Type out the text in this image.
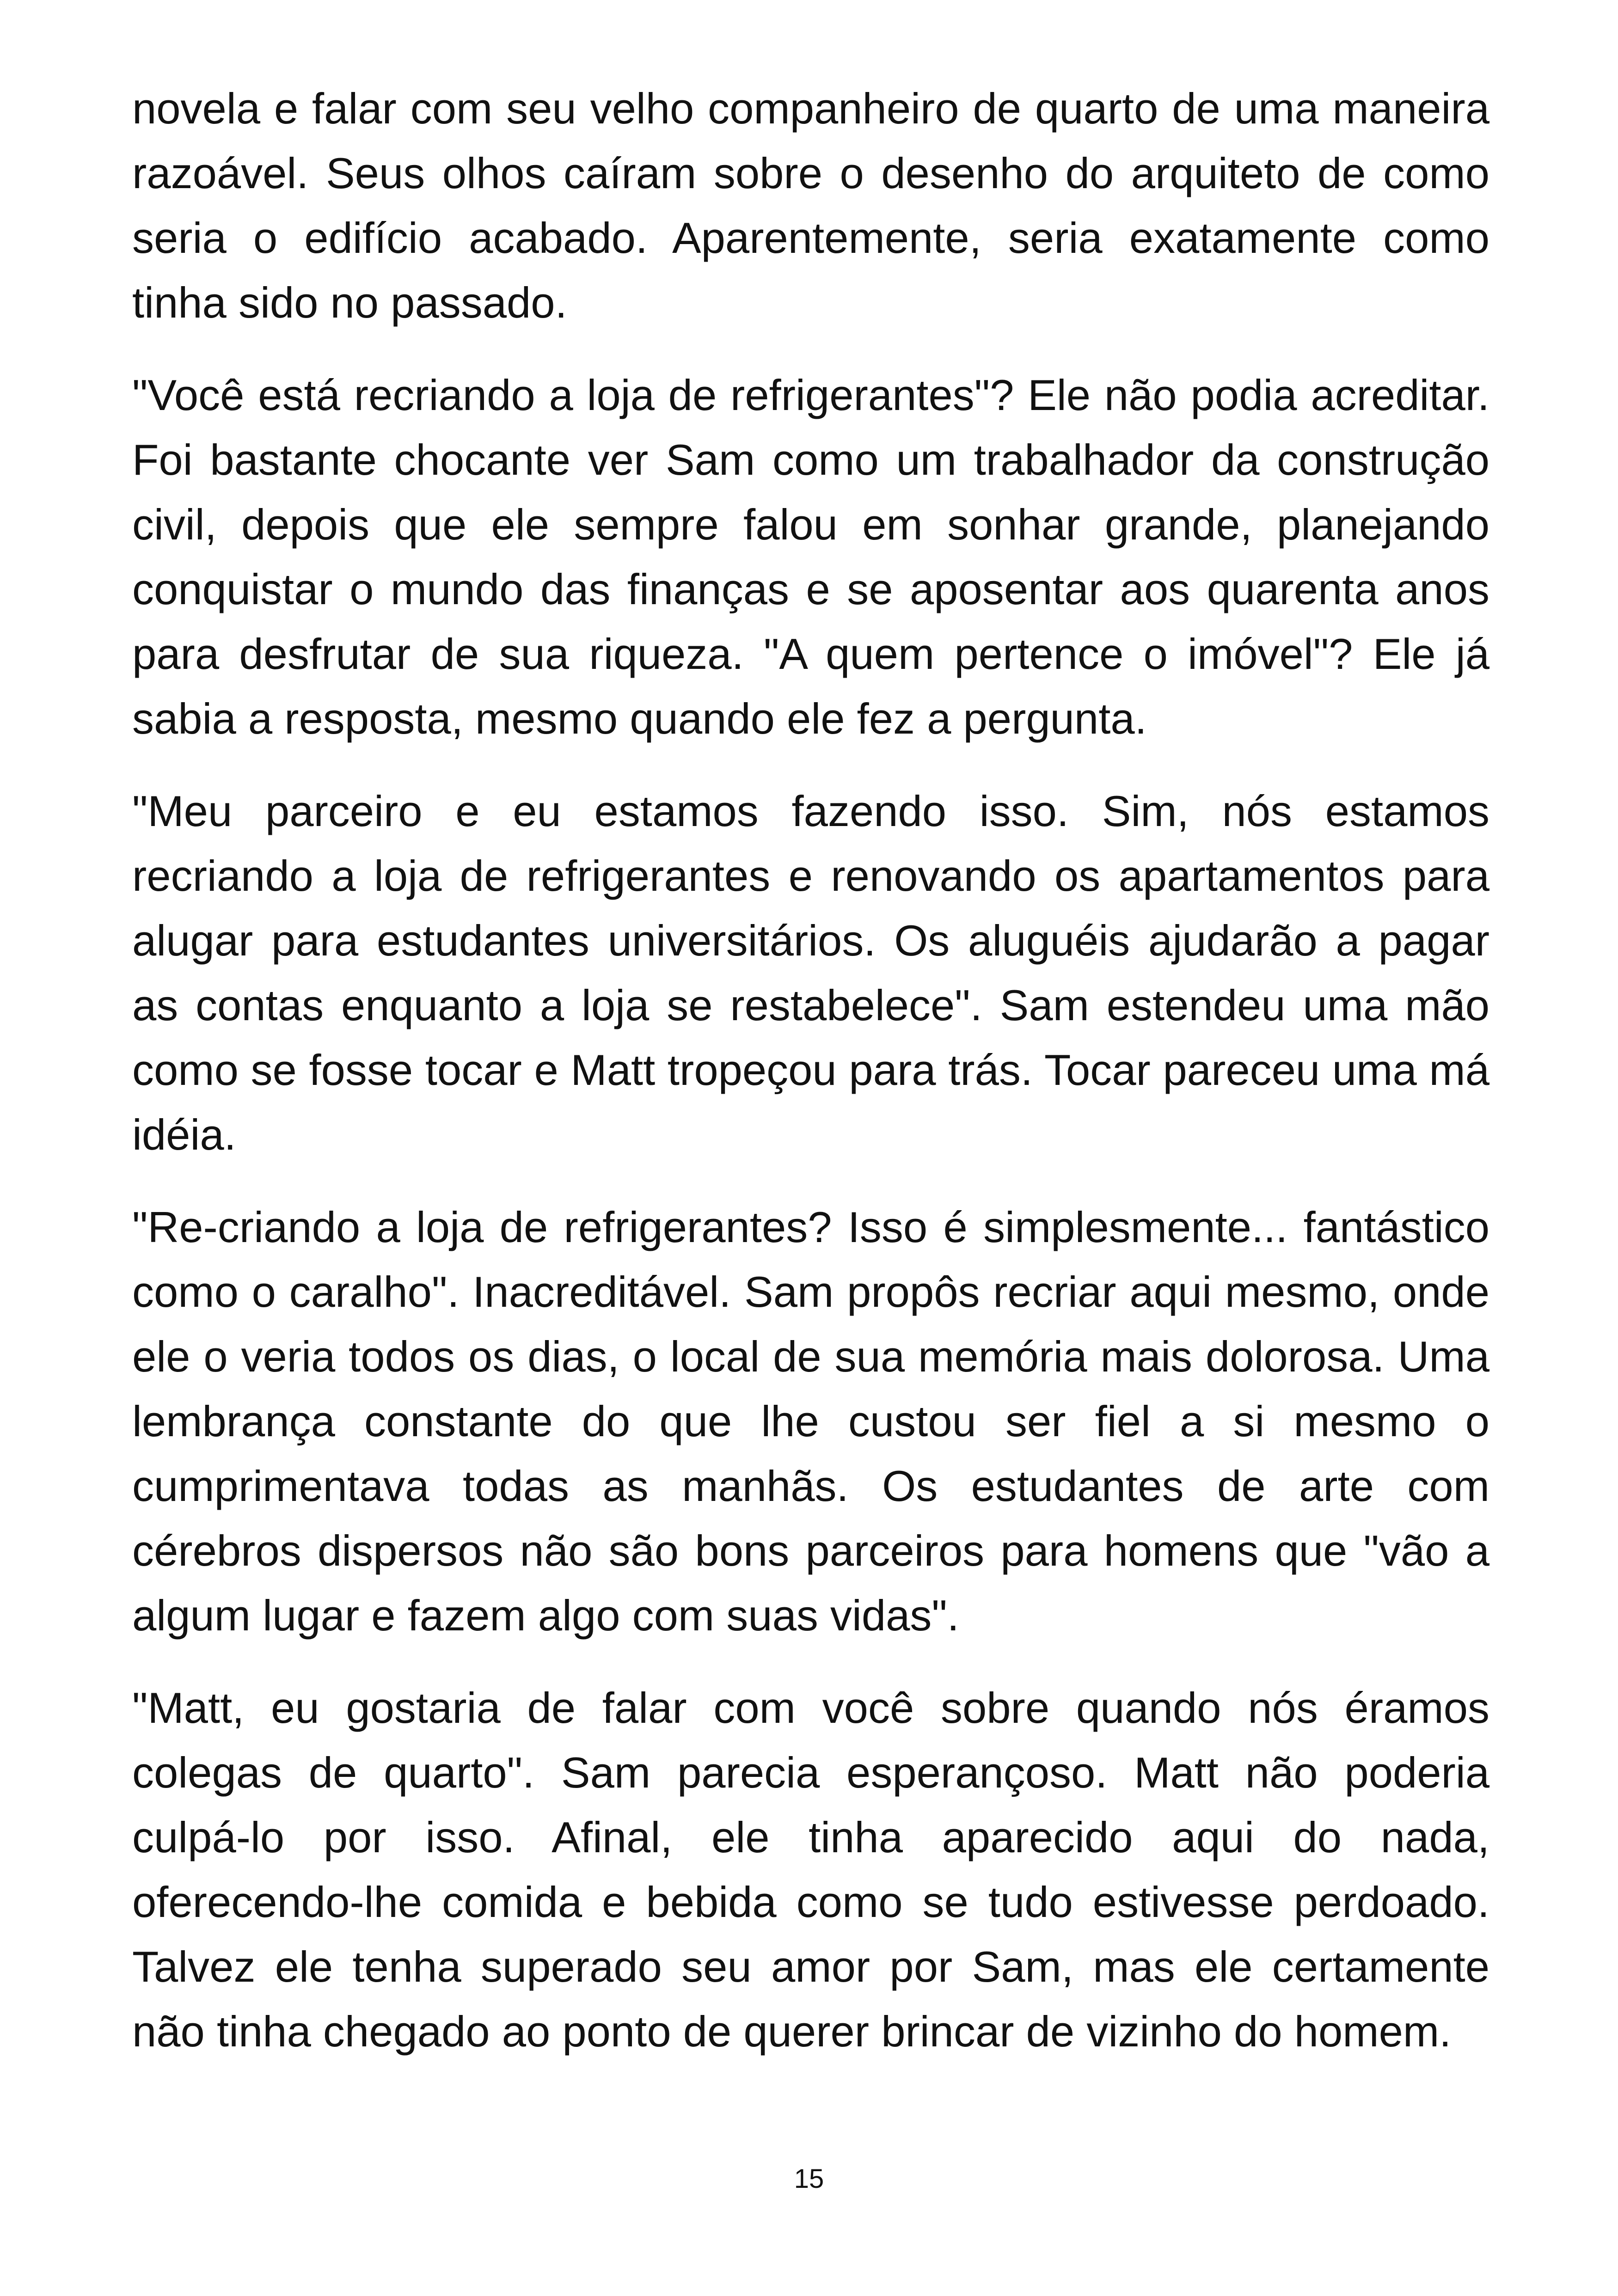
novela e falar com seu velho companheiro de quarto de uma maneira razoável. Seus olhos caíram sobre o desenho do arquiteto de como seria o edifício acabado. Aparentemente, seria exatamente como tinha sido no passado.

"Você está recriando a loja de refrigerantes"? Ele não podia acreditar. Foi bastante chocante ver Sam como um trabalhador da construção civil, depois que ele sempre falou em sonhar grande, planejando conquistar o mundo das finanças e se aposentar aos quarenta anos para desfrutar de sua riqueza. "A quem pertence o imóvel"? Ele já sabia a resposta, mesmo quando ele fez a pergunta.

"Meu parceiro e eu estamos fazendo isso. Sim, nós estamos recriando a loja de refrigerantes e renovando os apartamentos para alugar para estudantes universitários. Os aluguéis ajudarão a pagar as contas enquanto a loja se restabelece". Sam estendeu uma mão como se fosse tocar e Matt tropeçou para trás. Tocar pareceu uma má idéia.

"Re-criando a loja de refrigerantes? Isso é simplesmente... fantástico como o caralho". Inacreditável. Sam propôs recriar aqui mesmo, onde ele o veria todos os dias, o local de sua memória mais dolorosa. Uma lembrança constante do que lhe custou ser fiel a si mesmo o cumprimentava todas as manhãs. Os estudantes de arte com cérebros dispersos não são bons parceiros para homens que "vão a algum lugar e fazem algo com suas vidas".

"Matt, eu gostaria de falar com você sobre quando nós éramos colegas de quarto". Sam parecia esperançoso. Matt não poderia culpá-lo por isso. Afinal, ele tinha aparecido aqui do nada, oferecendo-lhe comida e bebida como se tudo estivesse perdoado. Talvez ele tenha superado seu amor por Sam, mas ele certamente não tinha chegado ao ponto de querer brincar de vizinho do homem.

15
